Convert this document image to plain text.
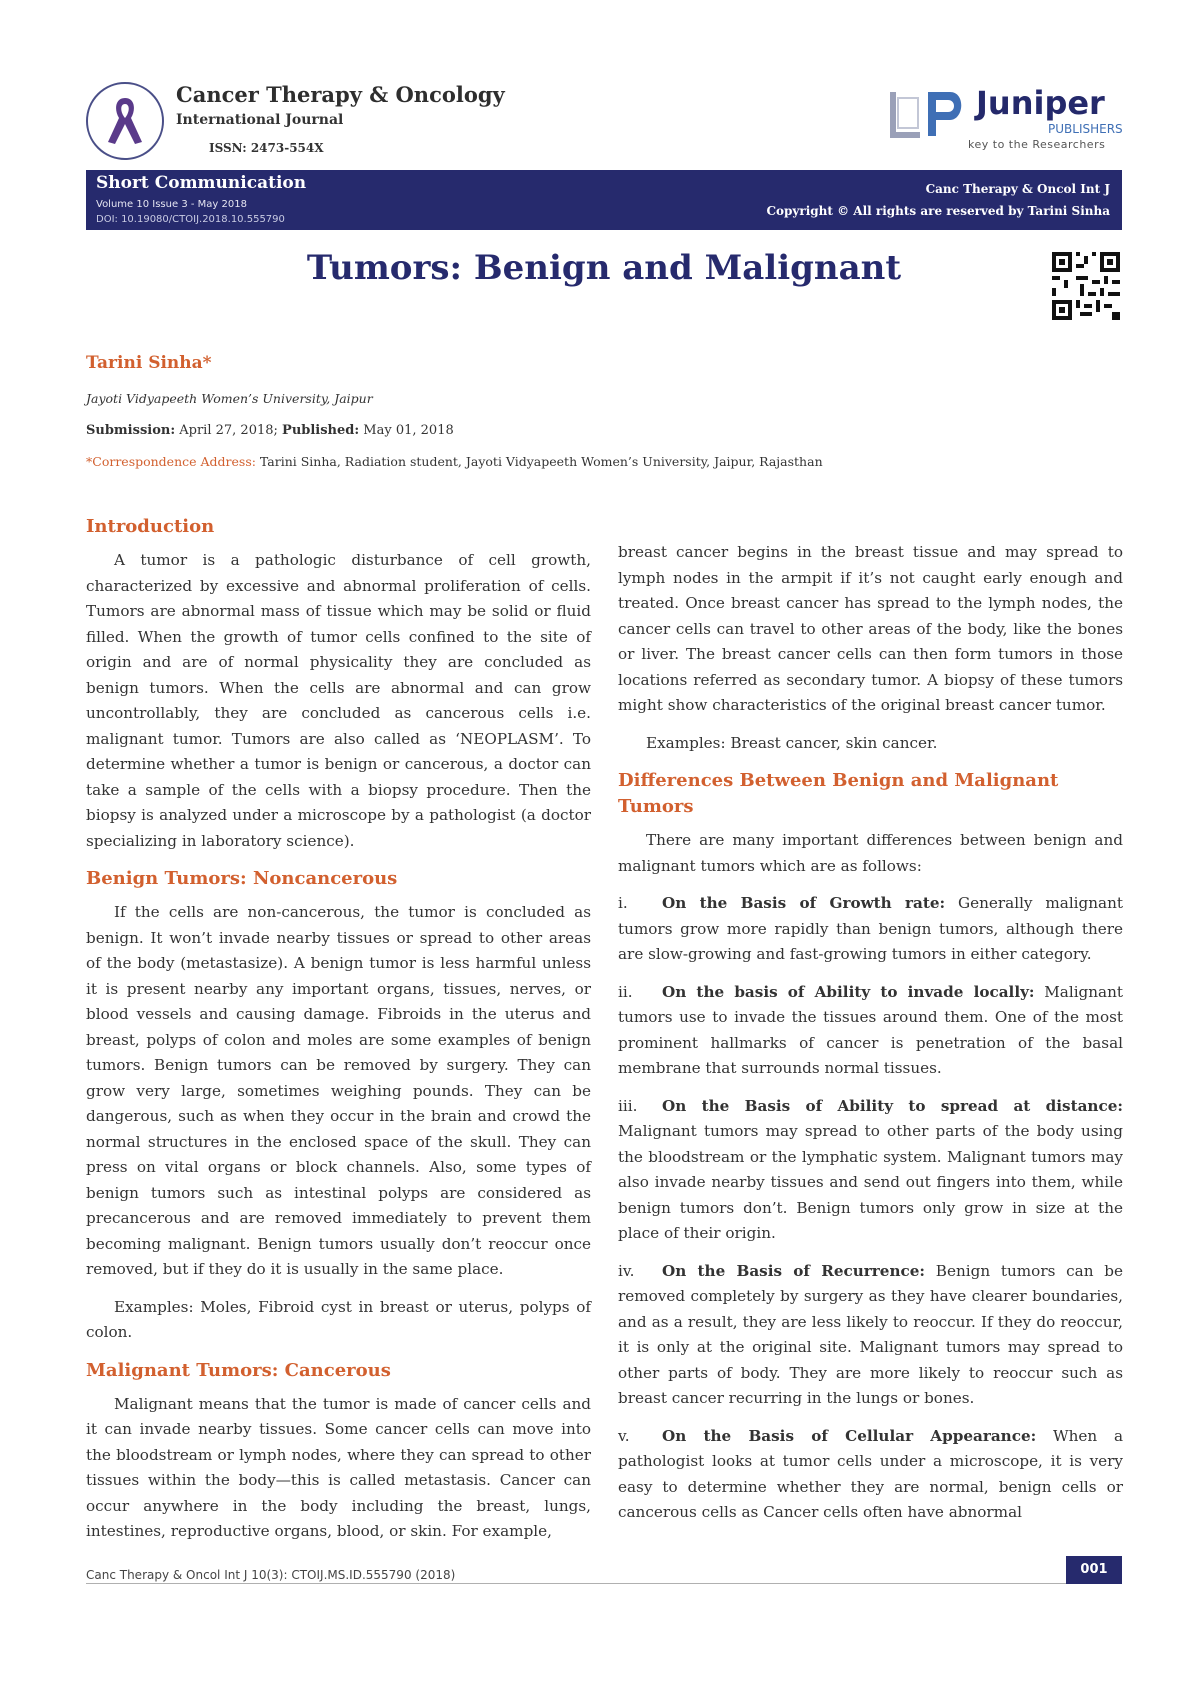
Cancer Therapy & Oncology
International Journal
ISSN: 2473-554X
Juniper
PUBLISHERS
key to the Researchers
Short Communication
Volume 10 Issue 3 - May 2018
DOI: 10.19080/CTOIJ.2018.10.555790
Canc Therapy & Oncol Int J
Copyright © All rights are reserved by Tarini Sinha
Tumors: Benign and Malignant
Tarini Sinha*
Jayoti Vidyapeeth Women’s University, Jaipur
Submission: April 27, 2018; Published: May 01, 2018
*Correspondence Address: Tarini Sinha, Radiation student, Jayoti Vidyapeeth Women’s University, Jaipur, Rajasthan
Introduction

A tumor is a pathologic disturbance of cell growth, characterized by excessive and abnormal proliferation of cells. Tumors are abnormal mass of tissue which may be solid or fluid filled. When the growth of tumor cells confined to the site of origin and are of normal physicality they are concluded as benign tumors. When the cells are abnormal and can grow uncontrollably, they are concluded as cancerous cells i.e. malignant tumor. Tumors are also called as ‘NEOPLASM’. To determine whether a tumor is benign or cancerous, a doctor can take a sample of the cells with a biopsy procedure. Then the biopsy is analyzed under a microscope by a pathologist (a doctor specializing in laboratory science).

Benign Tumors: Noncancerous

If the cells are non-cancerous, the tumor is concluded as benign. It won’t invade nearby tissues or spread to other areas of the body (metastasize). A benign tumor is less harmful unless it is present nearby any important organs, tissues, nerves, or blood vessels and causing damage. Fibroids in the uterus and breast, polyps of colon and moles are some examples of benign tumors. Benign tumors can be removed by surgery. They can grow very large, sometimes weighing pounds. They can be dangerous, such as when they occur in the brain and crowd the normal structures in the enclosed space of the skull. They can press on vital organs or block channels. Also, some types of benign tumors such as intestinal polyps are considered as precancerous and are removed immediately to prevent them becoming malignant. Benign tumors usually don’t reoccur once removed, but if they do it is usually in the same place.

Examples: Moles, Fibroid cyst in breast or uterus, polyps of colon.

Malignant Tumors: Cancerous

Malignant means that the tumor is made of cancer cells and it can invade nearby tissues. Some cancer cells can move into the bloodstream or lymph nodes, where they can spread to other tissues within the body—this is called metastasis. Cancer can occur anywhere in the body including the breast, lungs, intestines, reproductive organs, blood, or skin. For example,

breast cancer begins in the breast tissue and may spread to lymph nodes in the armpit if it’s not caught early enough and treated. Once breast cancer has spread to the lymph nodes, the cancer cells can travel to other areas of the body, like the bones or liver. The breast cancer cells can then form tumors in those locations referred as secondary tumor. A biopsy of these tumors might show characteristics of the original breast cancer tumor.

Examples: Breast cancer, skin cancer.

Differences Between Benign and Malignant Tumors

There are many important differences between benign and malignant tumors which are as follows:

i. On the Basis of Growth rate: Generally malignant tumors grow more rapidly than benign tumors, although there are slow-growing and fast-growing tumors in either category.

ii. On the basis of Ability to invade locally: Malignant tumors use to invade the tissues around them. One of the most prominent hallmarks of cancer is penetration of the basal membrane that surrounds normal tissues.

iii. On the Basis of Ability to spread at distance: Malignant tumors may spread to other parts of the body using the bloodstream or the lymphatic system. Malignant tumors may also invade nearby tissues and send out fingers into them, while benign tumors don’t. Benign tumors only grow in size at the place of their origin.

iv. On the Basis of Recurrence: Benign tumors can be removed completely by surgery as they have clearer boundaries, and as a result, they are less likely to reoccur. If they do reoccur, it is only at the original site. Malignant tumors may spread to other parts of body. They are more likely to reoccur such as breast cancer recurring in the lungs or bones.

v. On the Basis of Cellular Appearance: When a pathologist looks at tumor cells under a microscope, it is very easy to determine whether they are normal, benign cells or cancerous cells as Cancer cells often have abnormal

Canc Therapy & Oncol Int J 10(3): CTOIJ.MS.ID.555790 (2018)	001
